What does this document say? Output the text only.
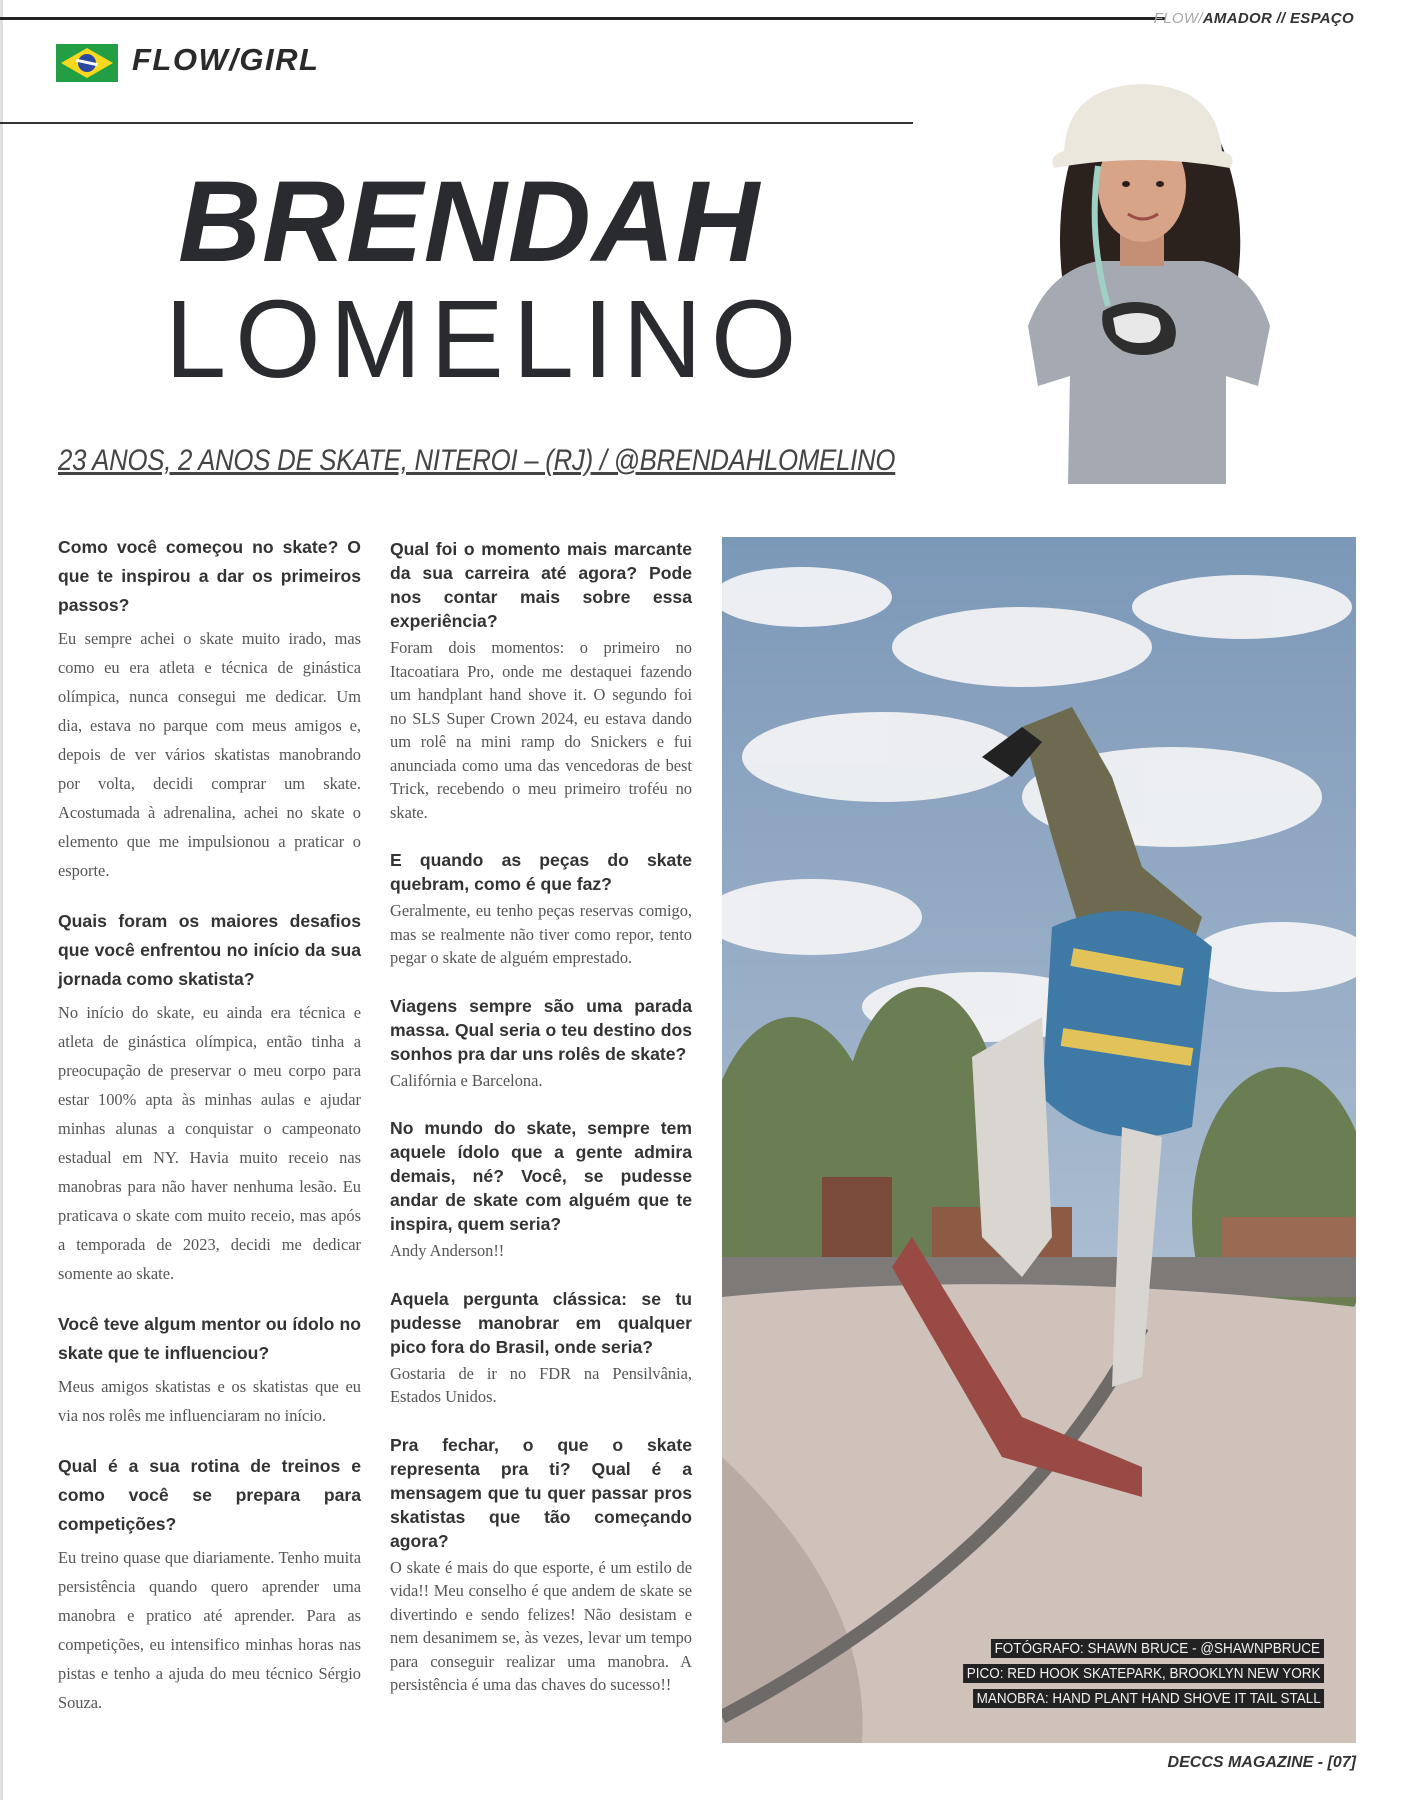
FLOW/AMADOR // ESPAÇO
FLOW/GIRL
BRENDAH
LOMELINO
23 ANOS, 2 ANOS DE SKATE, NITEROI – (RJ) / @BRENDAHLOMELINO

Como você começou no skate? O que te inspirou a dar os primeiros passos?

Eu sempre achei o skate muito irado, mas como eu era atleta e técnica de ginástica olímpica, nunca consegui me dedicar. Um dia, estava no parque com meus amigos e, depois de ver vários skatistas manobrando por volta, decidi comprar um skate. Acostumada à adrenalina, achei no skate o elemento que me impulsionou a praticar o esporte.

Quais foram os maiores desafios que você enfrentou no início da sua jornada como skatista?

No início do skate, eu ainda era técnica e atleta de ginástica olímpica, então tinha a preocupação de preservar o meu corpo para estar 100% apta às minhas aulas e ajudar minhas alunas a conquistar o campeonato estadual em NY. Havia muito receio nas manobras para não haver nenhuma lesão. Eu praticava o skate com muito receio, mas após a temporada de 2023, decidi me dedicar somente ao skate.

Você teve algum mentor ou ídolo no skate que te influenciou?

Meus amigos skatistas e os skatistas que eu via nos rolês me influenciaram no início.

Qual é a sua rotina de treinos e como você se prepara para competições?

Eu treino quase que diariamente. Tenho muita persistência quando quero aprender uma manobra e pratico até aprender. Para as competições, eu intensifico minhas horas nas pistas e tenho a ajuda do meu técnico Sérgio Souza.

Qual foi o momento mais marcante da sua carreira até agora? Pode nos contar mais sobre essa experiência?

Foram dois momentos: o primeiro no Itacoatiara Pro, onde me destaquei fazendo um handplant hand shove it. O segundo foi no SLS Super Crown 2024, eu estava dando um rolê na mini ramp do Snickers e fui anunciada como uma das vencedoras de best Trick, recebendo o meu primeiro troféu no skate.

E quando as peças do skate quebram, como é que faz?

Geralmente, eu tenho peças reservas comigo, mas se realmente não tiver como repor, tento pegar o skate de alguém emprestado.

Viagens sempre são uma parada massa. Qual seria o teu destino dos sonhos pra dar uns rolês de skate?

Califórnia e Barcelona.

No mundo do skate, sempre tem aquele ídolo que a gente admira demais, né? Você, se pudesse andar de skate com alguém que te inspira, quem seria?

Andy Anderson!!

Aquela pergunta clássica: se tu pudesse manobrar em qualquer pico fora do Brasil, onde seria?

Gostaria de ir no FDR na Pensilvânia, Estados Unidos.

Pra fechar, o que o skate representa pra ti? Qual é a mensagem que tu quer passar pros skatistas que tão começando agora?

O skate é mais do que esporte, é um estilo de vida!! Meu conselho é que andem de skate se divertindo e sendo felizes! Não desistam e nem desanimem se, às vezes, levar um tempo para conseguir realizar uma manobra. A persistência é uma das chaves do sucesso!!

FOTÓGRAFO: SHAWN BRUCE - @SHAWNPBRUCE
PICO: RED HOOK SKATEPARK, BROOKLYN NEW YORK
MANOBRA: HAND PLANT HAND SHOVE IT TAIL STALL
DECCS MAGAZINE - [07]
